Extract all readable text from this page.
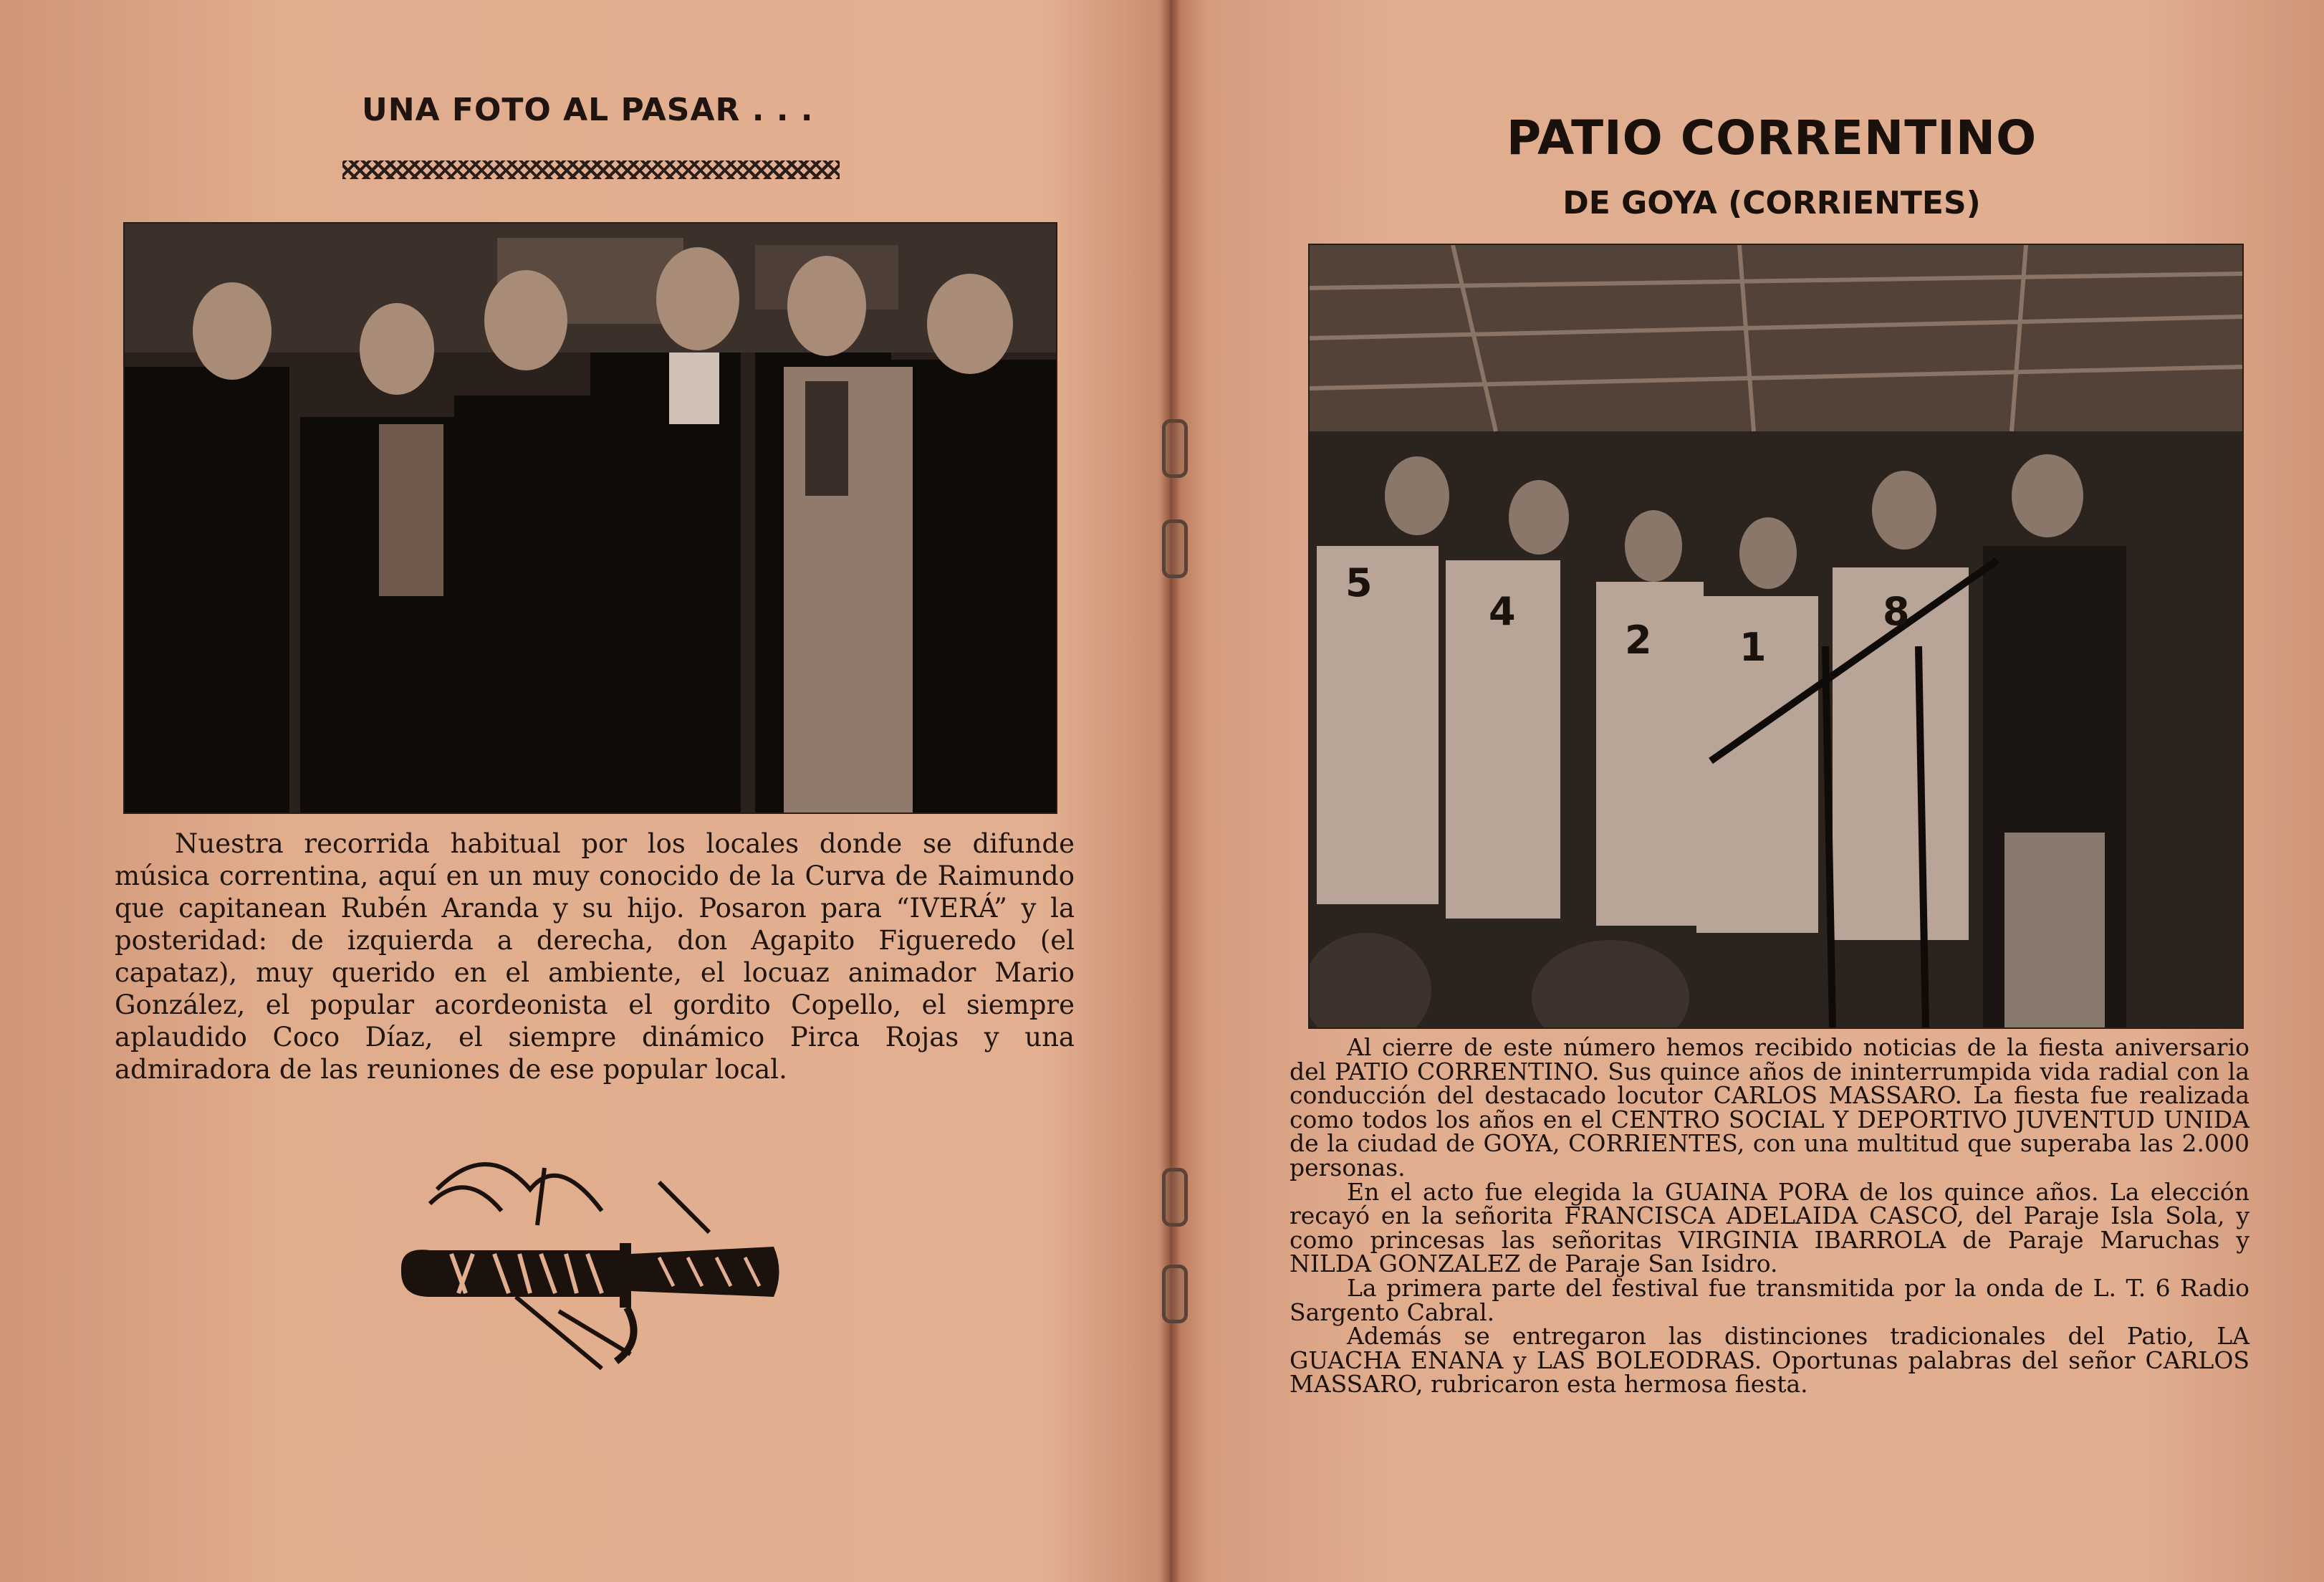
UNA FOTO AL PASAR . . .
Nuestra recorrida habitual por los locales donde se difunde música correntina, aquí en un muy conocido de la Curva de Raimundo que capitanean Rubén Aranda y su hijo. Posaron para “IVERÁ” y la posteridad: de izquierda a derecha, don Agapito Figueredo (el capataz), muy querido en el ambiente, el locuaz animador Mario González, el popular acordeonista el gordito Copello, el siempre aplaudido Coco Díaz, el siempre dinámico Pirca Rojas y una admiradora de las reuniones de ese popular local.
PATIO CORRENTINO
DE GOYA (CORRIENTES)
5
4
2 1
8

Al cierre de este número hemos recibido noticias de la fiesta aniversario del PATIO CORRENTINO. Sus quince años de ininterrumpida vida radial con la conducción del destacado locutor CARLOS MASSARO. La fiesta fue realizada como todos los años en el CENTRO SOCIAL Y DEPORTIVO JUVENTUD UNIDA de la ciudad de GOYA, CORRIENTES, con una multitud que superaba las 2.000 personas.

En el acto fue elegida la GUAINA PORA de los quince años. La elección recayó en la señorita FRANCISCA ADELAIDA CASCO, del Paraje Isla Sola, y como princesas las señoritas VIRGINIA IBARROLA de Paraje Maruchas y NILDA GONZALEZ de Paraje San Isidro.

La primera parte del festival fue transmitida por la onda de L. T. 6 Radio Sargento Cabral.

Además se entregaron las distinciones tradicionales del Patio, LA GUACHA ENANA y LAS BOLEODRAS. Oportunas palabras del señor CARLOS MASSARO, rubricaron esta hermosa fiesta.
